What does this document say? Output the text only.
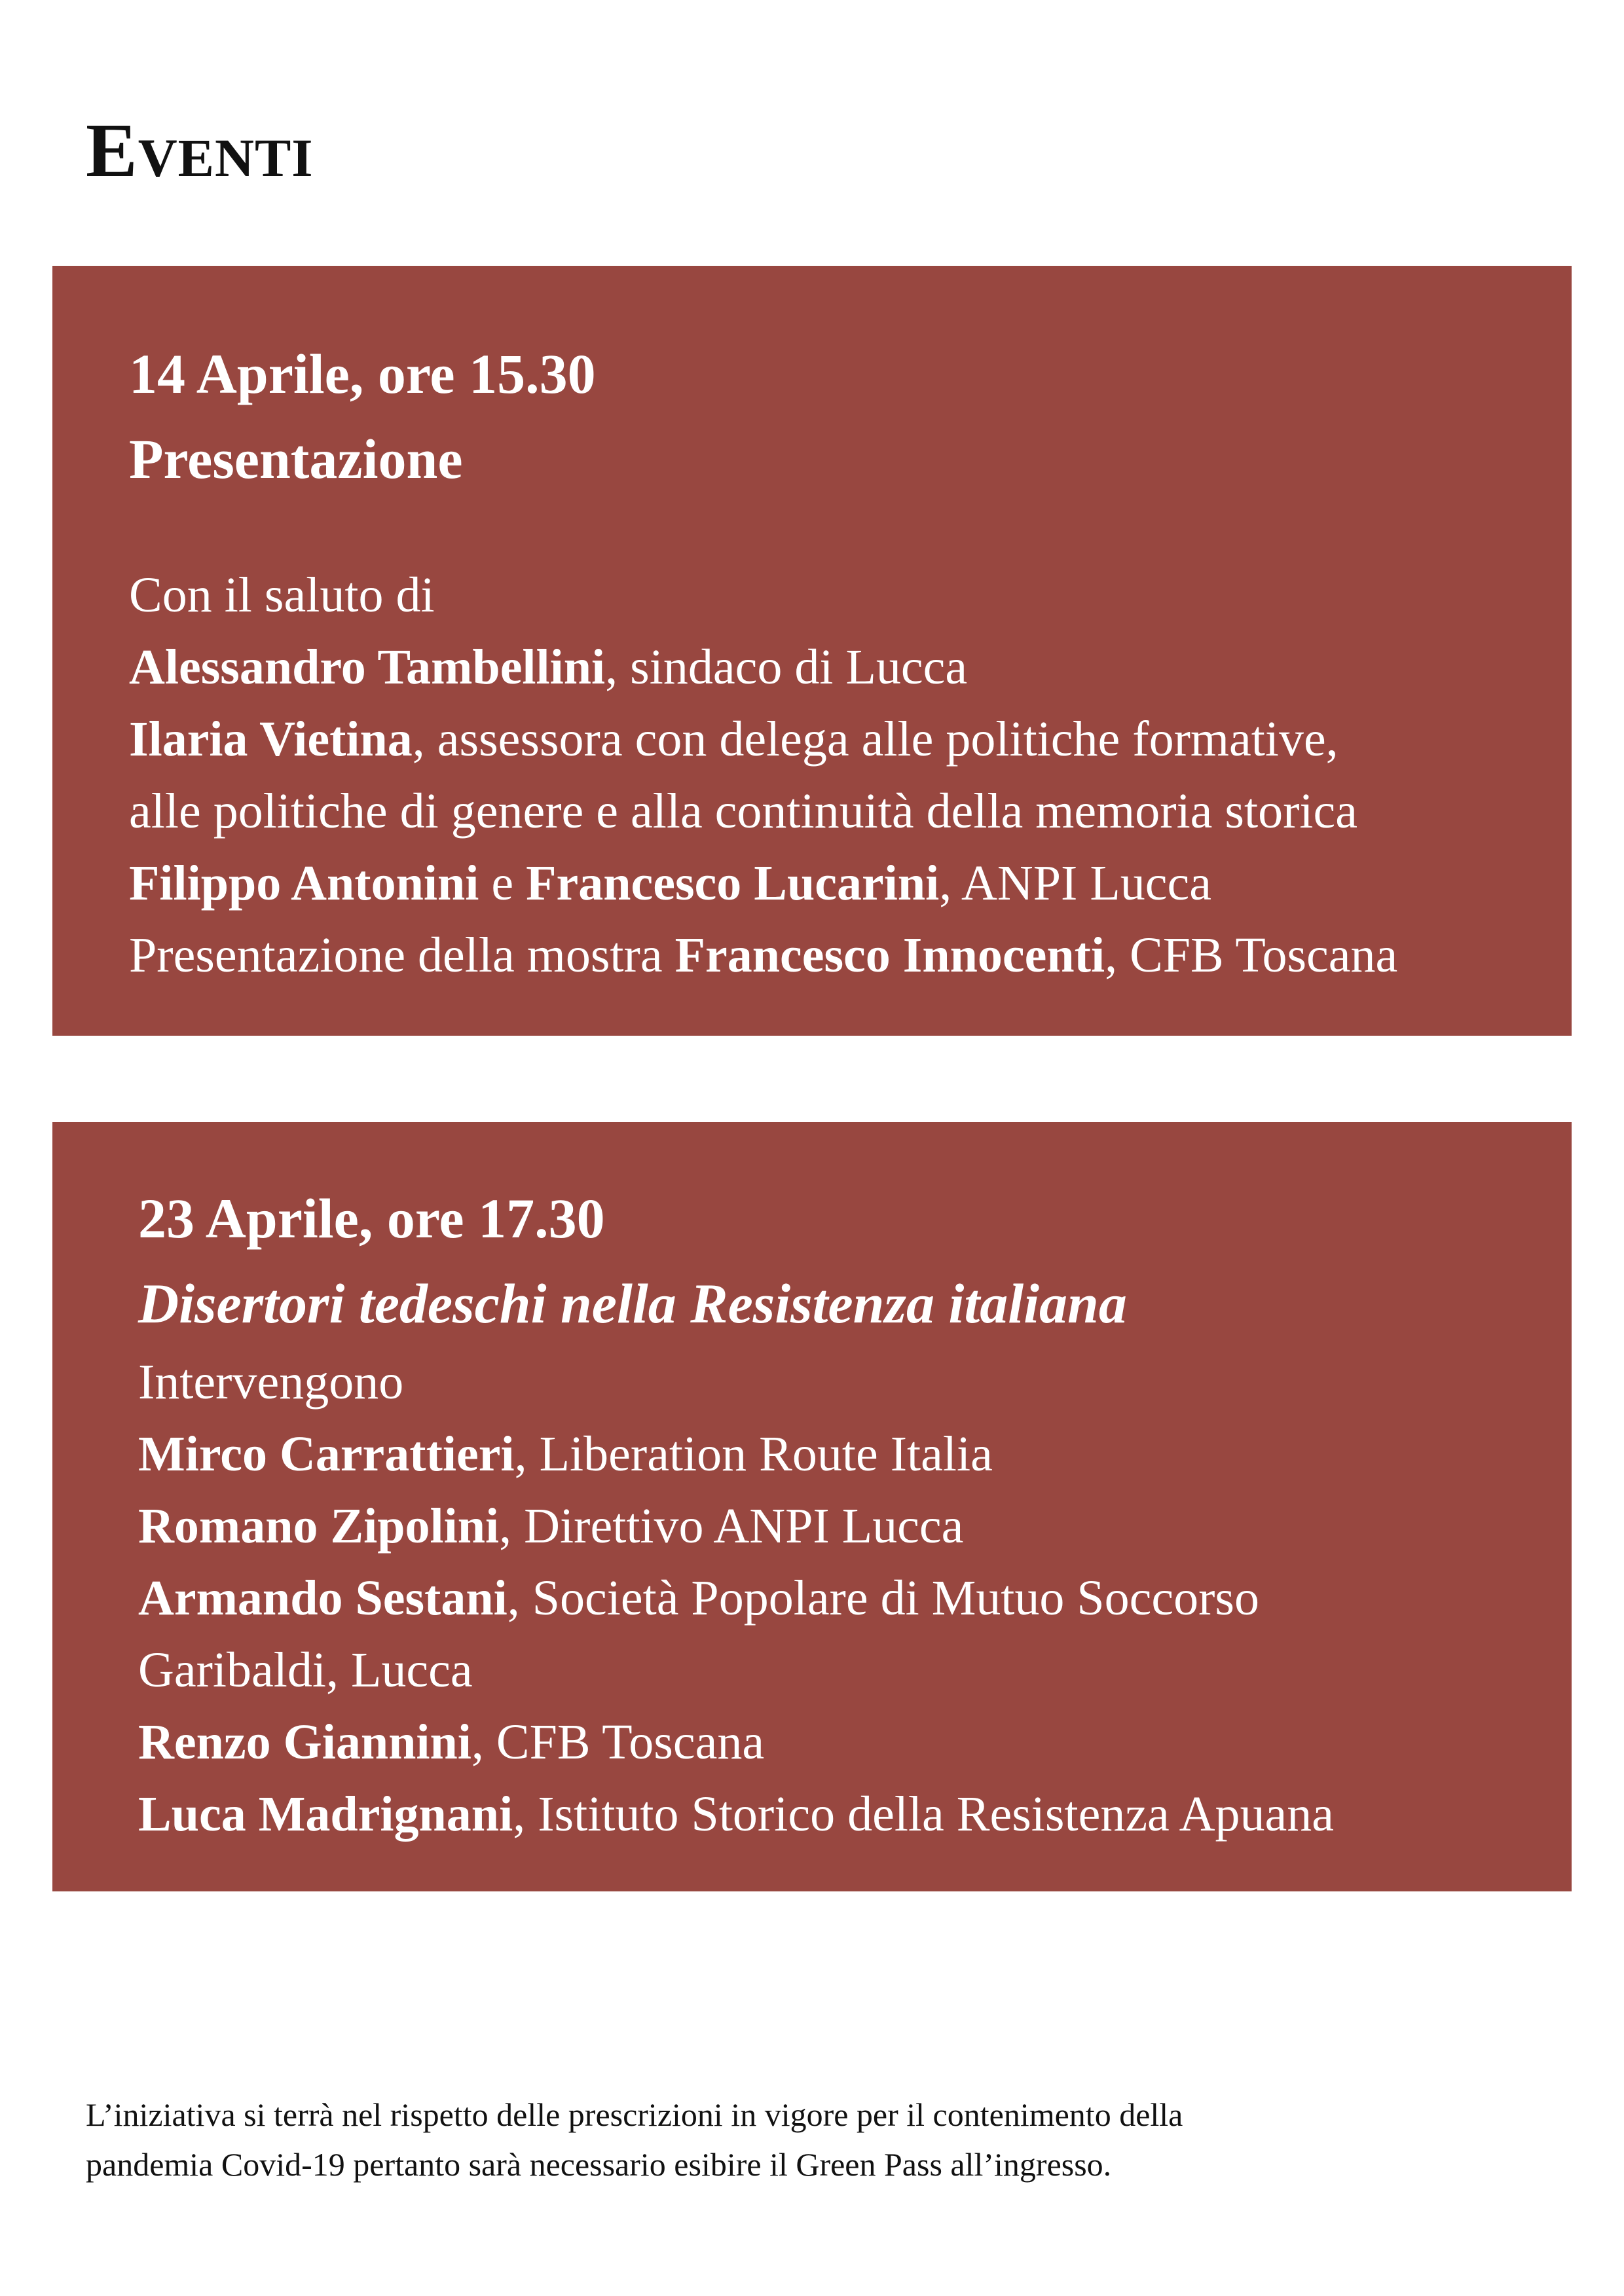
Eventi
14 Aprile, ore 15.30
Presentazione
Con il saluto di
Alessandro Tambellini, sindaco di Lucca
Ilaria Vietina, assessora con delega alle politiche formative,
alle politiche di genere e alla continuità della memoria storica
Filippo Antonini e Francesco Lucarini, ANPI Lucca
Presentazione della mostra Francesco Innocenti, CFB Toscana
23 Aprile, ore 17.30
Disertori tedeschi nella Resistenza italiana
Intervengono
Mirco Carrattieri, Liberation Route Italia
Romano Zipolini, Direttivo ANPI Lucca
Armando Sestani, Società Popolare di Mutuo Soccorso
Garibaldi, Lucca
Renzo Giannini, CFB Toscana
Luca Madrignani, Istituto Storico della Resistenza Apuana
L’iniziativa si terrà nel rispetto delle prescrizioni in vigore per il contenimento della
pandemia Covid-19 pertanto sarà necessario esibire il Green Pass all’ingresso.
